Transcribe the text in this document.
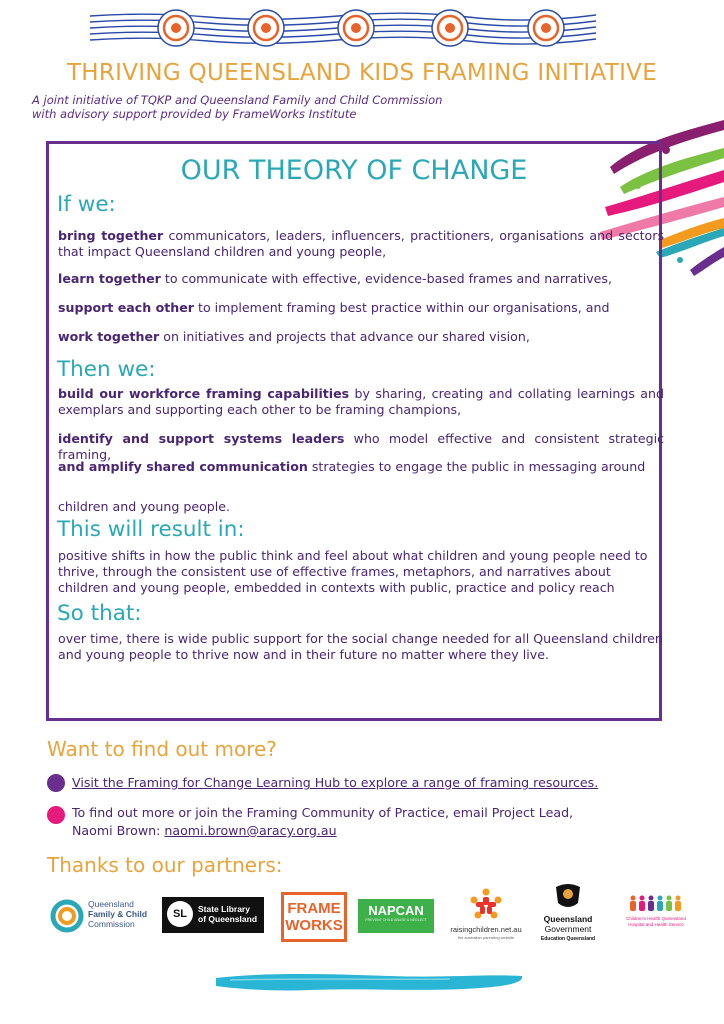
THRIVING QUEENSLAND KIDS FRAMING INITIATIVE
A joint initiative of TQKP and Queensland Family and Child Commission
with advisory support provided by FrameWorks Institute
OUR THEORY OF CHANGE
If we:

bring together communicators, leaders, influencers, practitioners, organisations and sectors that impact Queensland children and young people,

learn together to communicate with effective, evidence-based frames and narratives,

support each other to implement framing best practice within our organisations, and

work together on initiatives and projects that advance our shared vision,

Then we:

build our workforce framing capabilities by sharing, creating and collating learnings and exemplars and supporting each other to be framing champions,

identify and support systems leaders who model effective and consistent strategic framing,

and amplify shared communication strategies to engage the public in messaging around

children and young people.

This will result in:

positive shifts in how the public think and feel about what children and young people need to thrive, through the consistent use of effective frames, metaphors, and narratives about children and young people, embedded in contexts with public, practice and policy reach

So that:

over time, there is wide public support for the social change needed for all Queensland children and young people to thrive now and in their future no matter where they live.

Want to find out more?
Visit the Framing for Change Learning Hub to explore a range of framing resources.
To find out more or join the Framing Community of Practice, email Project Lead,
Naomi Brown: naomi.brown@aracy.org.au
Thanks to our partners:
Queensland
Family & Child
Commission
SL	State Library
of Queensland
FRAME
WORKS
NAPCAN
PREVENT CHILD ABUSE & NEGLECT
raisingchildren.net.au
the australian parenting website
Queensland
Government
Education Queensland
Children's Health Queensland
Hospital and Health Service
